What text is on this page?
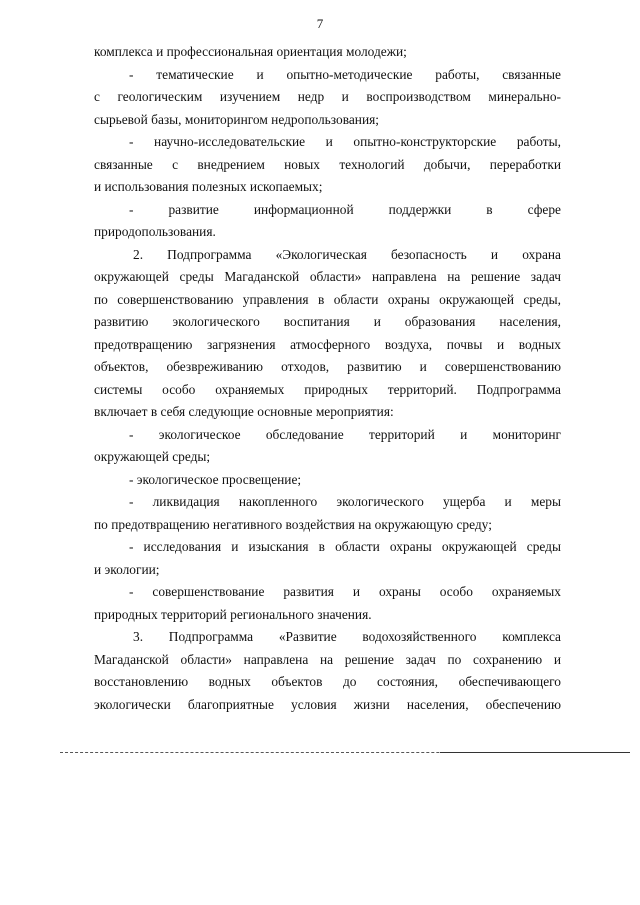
7
комплекса и профессиональная ориентация молодежи;
- тематические и опытно-методические работы, связанные
с геологическим изучением недр и воспроизводством минерально-
сырьевой базы, мониторингом недропользования;
- научно-исследовательские и опытно-конструкторские работы,
связанные с внедрением новых технологий добычи, переработки
и использования полезных ископаемых;
- развитие информационной поддержки в сфере
природопользования.
2. Подпрограмма «Экологическая безопасность и охрана
окружающей среды Магаданской области» направлена на решение задач
по совершенствованию управления в области охраны окружающей среды,
развитию экологического воспитания и образования населения,
предотвращению загрязнения атмосферного воздуха, почвы и водных
объектов, обезвреживанию отходов, развитию и совершенствованию
системы особо охраняемых природных территорий. Подпрограмма
включает в себя следующие основные мероприятия:
- экологическое обследование территорий и мониторинг
окружающей среды;
- экологическое просвещение;
- ликвидация накопленного экологического ущерба и меры
по предотвращению негативного воздействия на окружающую среду;
- исследования и изыскания в области охраны окружающей среды
и экологии;
- совершенствование развития и охраны особо охраняемых
природных территорий регионального значения.
3. Подпрограмма «Развитие водохозяйственного комплекса
Магаданской области» направлена на решение задач по сохранению и
восстановлению водных объектов до состояния, обеспечивающего
экологически благоприятные условия жизни населения, обеспечению
